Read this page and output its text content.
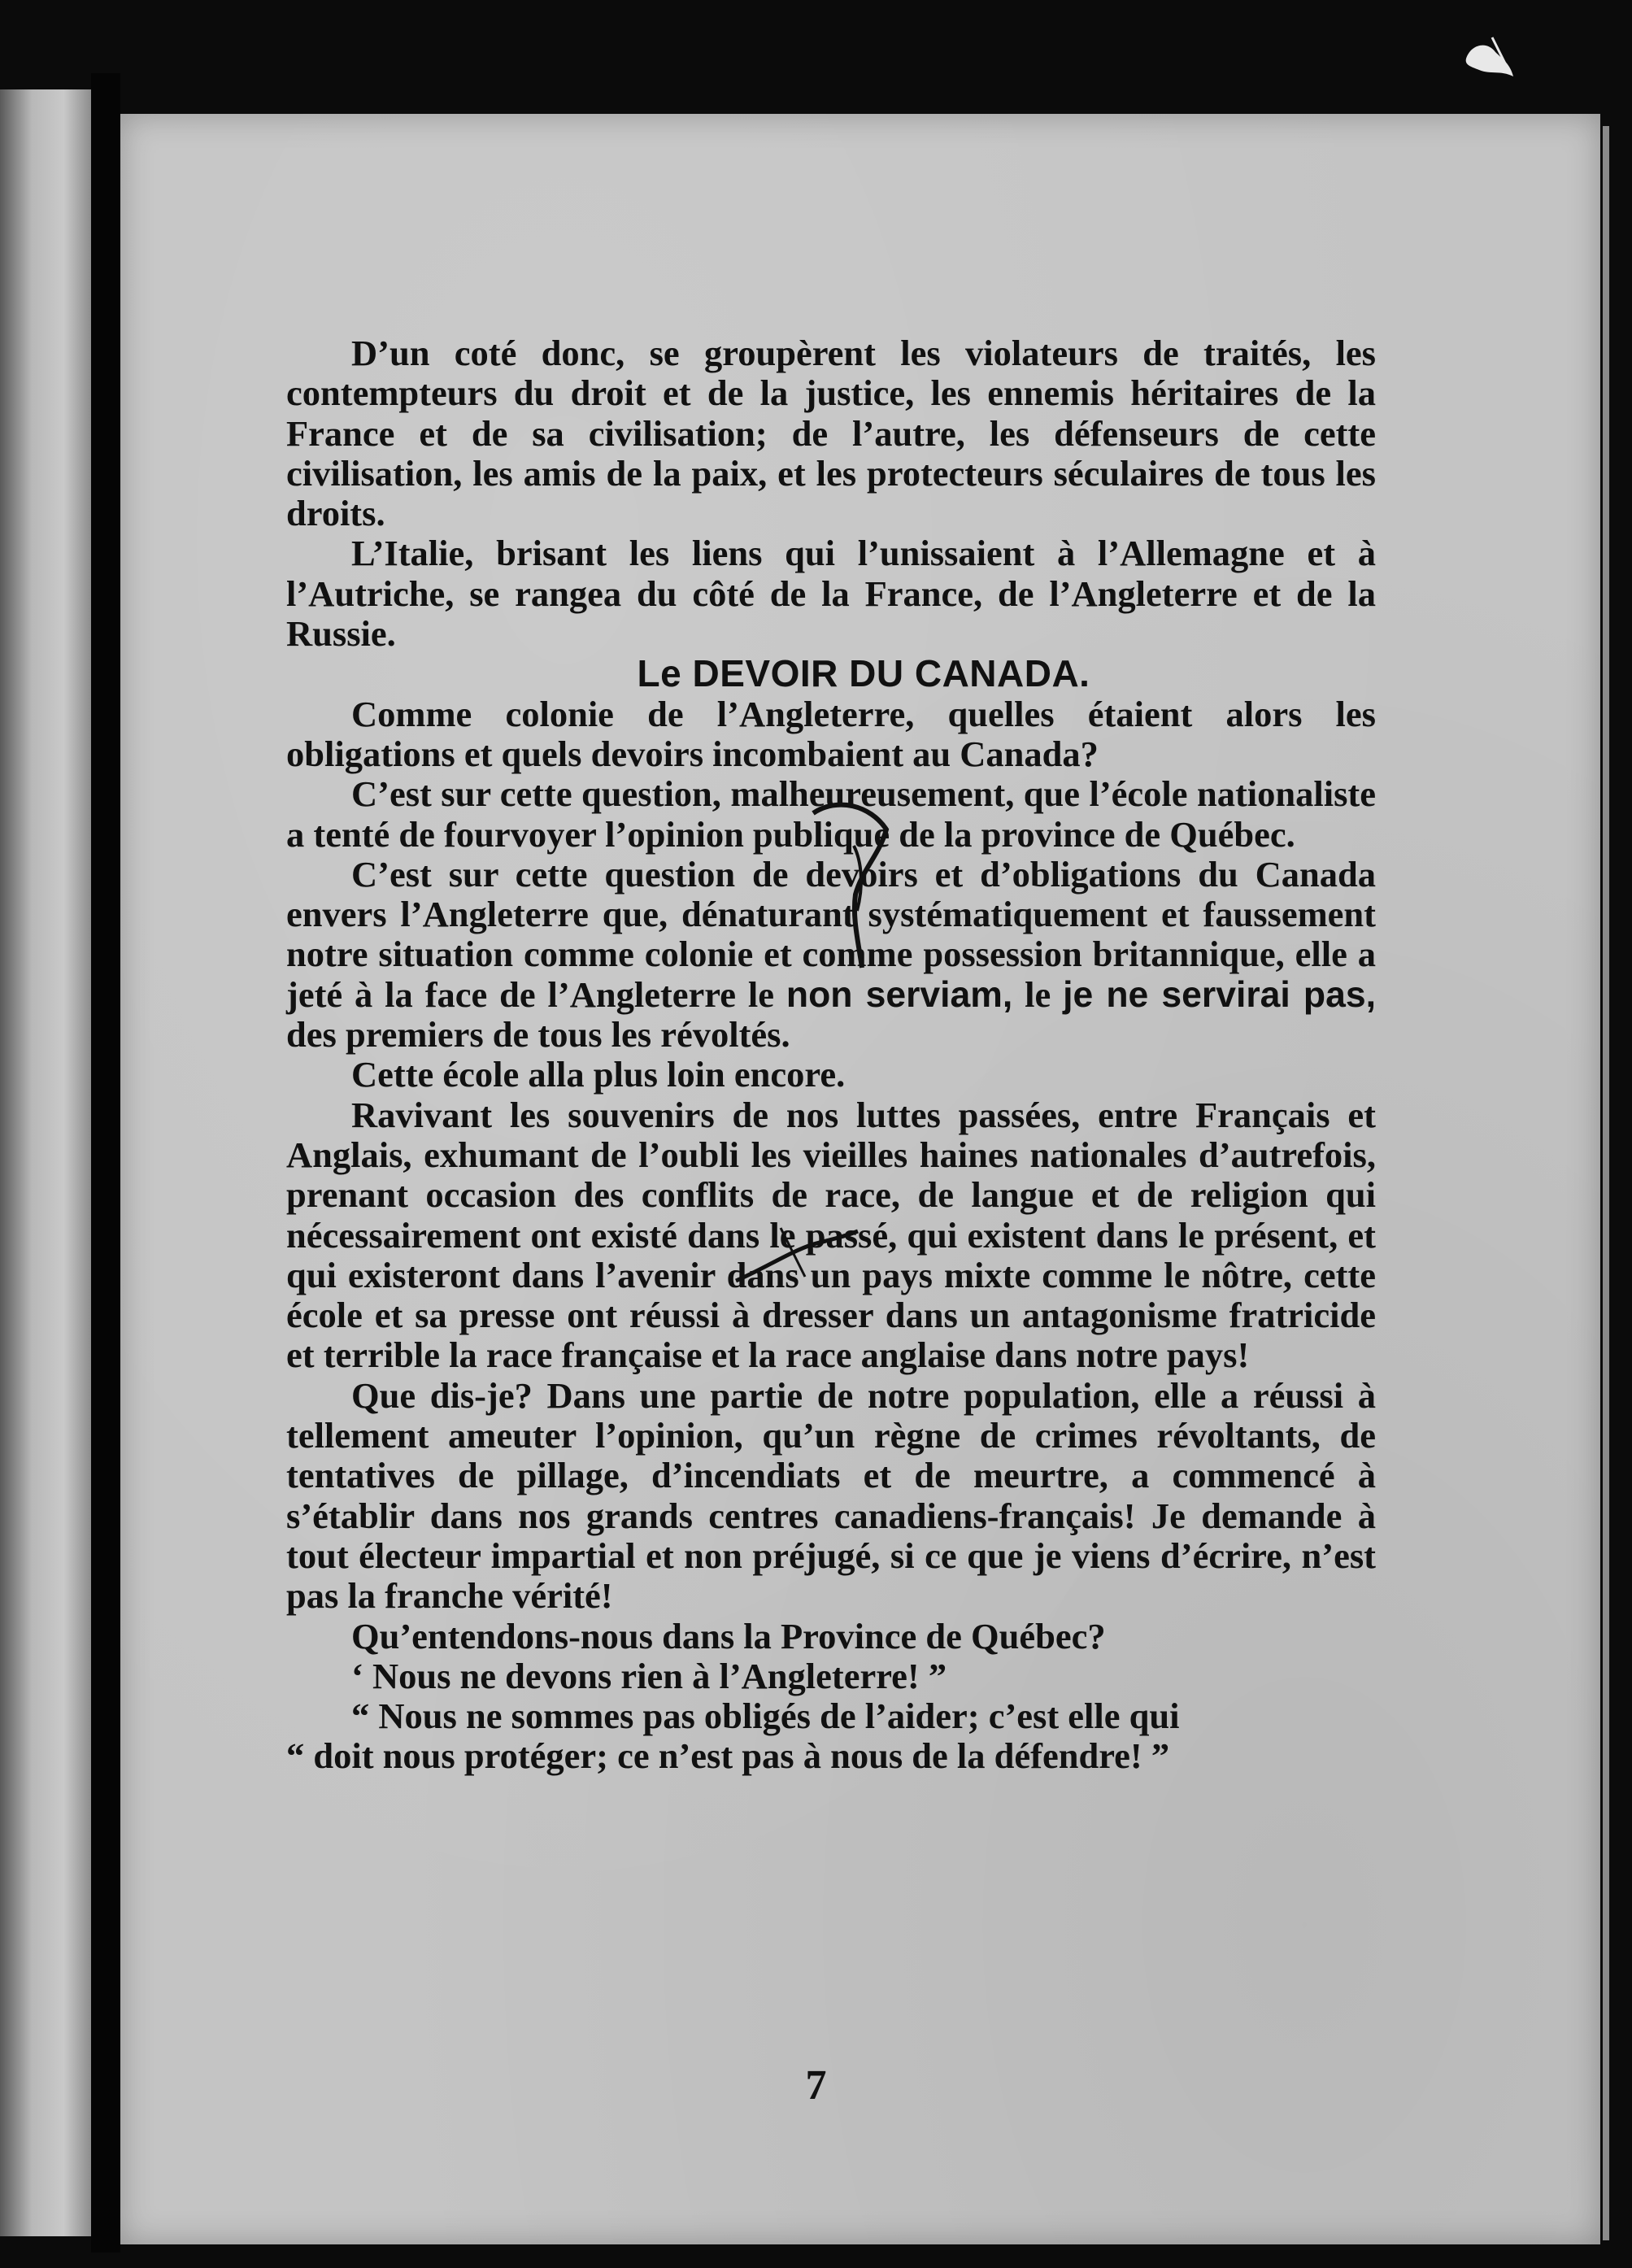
D’un coté donc, se groupèrent les violateurs de traités, les contempteurs du droit et de la justice, les ennemis héritaires de la France et de sa civilisation; de l’autre, les défenseurs de cette civilisation, les amis de la paix, et les protecteurs séculaires de tous les droits.

L’Italie, brisant les liens qui l’unissaient à l’Allemagne et à l’Autriche, se rangea du côté de la France, de l’Angleterre et de la Russie.

Le DEVOIR DU CANADA.

Comme colonie de l’Angleterre, quelles étaient alors les obligations et quels devoirs incombaient au Canada?

C’est sur cette question, malheureusement, que l’école nationaliste a tenté de fourvoyer l’opinion publique de la province de Québec.

C’est sur cette question de devoirs et d’obligations du Canada envers l’Angleterre que, dénaturant systématiquement et faussement notre situation comme colonie et comme possession britannique, elle a jeté à la face de l’Angleterre le non serviam, le je ne servirai pas, des premiers de tous les révoltés.

Cette école alla plus loin encore.

Ravivant les souvenirs de nos luttes passées, entre Français et Anglais, exhumant de l’oubli les vieilles haines nationales d’autrefois, prenant occasion des conflits de race, de langue et de religion qui nécessairement ont existé dans le passé, qui existent dans le présent, et qui existeront dans l’avenir dans un pays mixte comme le nôtre, cette école et sa presse ont réussi à dresser dans un antagonisme fratricide et terrible la race française et la race anglaise dans notre pays!

Que dis-je? Dans une partie de notre population, elle a réussi à tellement ameuter l’opinion, qu’un règne de crimes révoltants, de tentatives de pillage, d’incendiats et de meurtre, a commencé à s’établir dans nos grands centres canadiens-français! Je demande à tout électeur impartial et non préjugé, si ce que je viens d’écrire, n’est pas la franche vérité!

Qu’entendons-nous dans la Province de Québec?

‘ Nous ne devons rien à l’Angleterre! ”

“ Nous ne sommes pas obligés de l’aider; c’est elle qui

“ doit nous protéger; ce n’est pas à nous de la défendre! ”

7
